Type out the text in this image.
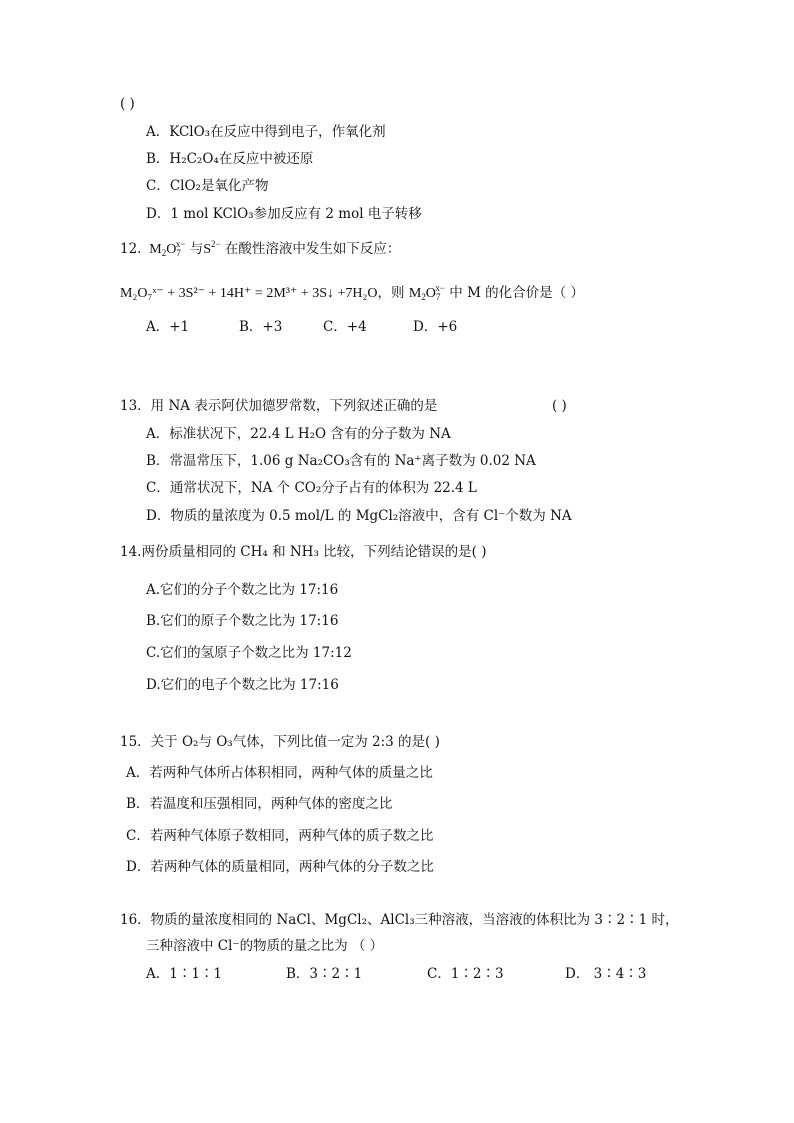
( )
A．KClO₃在反应中得到电子，作氧化剂
B．H₂C₂O₄在反应中被还原
C．ClO₂是氧化产物
D．1 mol KClO₃参加反应有 2 mol 电子转移
12.  $M_2O_7^{x-}$ 与$S^{2-}$ 在酸性溶液中发生如下反应：
M₂O₇ˣ⁻ + 3S²⁻ + 14H⁺ = 2M³⁺ + 3S↓ +7H₂O，则 $M_2O_7^{x-}$ 中 M 的化合价是（ ）
A．+1	B．+3	C．+4	D．+6
13．用 NA 表示阿伏加德罗常数，下列叙述正确的是	( )
A．标准状况下，22.4 L H₂O 含有的分子数为 NA
B．常温常压下，1.06 g Na₂CO₃含有的 Na⁺离子数为 0.02 NA
C．通常状况下，NA 个 CO₂分子占有的体积为 22.4 L
D．物质的量浓度为 0.5 mol/L 的 MgCl₂溶液中，含有 Cl⁻个数为 NA
14.两份质量相同的 CH₄ 和 NH₃ 比较，下列结论错误的是( )
A.它们的分子个数之比为 17:16
B.它们的原子个数之比为 17:16
C.它们的氢原子个数之比为 17:12
D.它们的电子个数之比为 17:16
15．关于 O₂与 O₃气体，下列比值一定为 2:3 的是( )
A．若两种气体所占体积相同，两种气体的质量之比
B．若温度和压强相同，两种气体的密度之比
C．若两种气体原子数相同，两种气体的质子数之比
D．若两种气体的质量相同，两种气体的分子数之比
16．物质的量浓度相同的 NaCl、MgCl₂、AlCl₃三种溶液，当溶液的体积比为 3∶2∶1 时，
三种溶液中 Cl⁻的物质的量之比为 （ ）
A．1∶1∶1	B．3∶2∶1	C．1∶2∶3	D． 3∶4∶3
